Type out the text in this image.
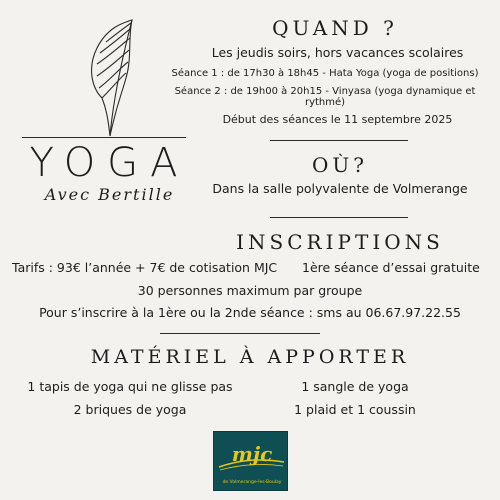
YOGA
Avec Bertille
QUAND ?
Les jeudis soirs, hors vacances scolaires
Séance 1 : de 17h30 à 18h45 - Hata Yoga (yoga de positions)
Séance 2 : de 19h00 à 20h15 - Vinyasa (yoga dynamique et rythmé)
Début des séances le 11 septembre 2025
OÙ?
Dans la salle polyvalente de Volmerange
INSCRIPTIONS
Tarifs : 93€ l’année + 7€ de cotisation MJC	1ère séance d’essai gratuite
30 personnes maximum par groupe
Pour s’inscrire à la 1ère ou la 2nde séance : sms au 06.67.97.22.55
MATÉRIEL À APPORTER
1 tapis de yoga qui ne glisse pas	1 sangle de yoga
2 briques de yoga	1 plaid et 1 coussin
mjc
de Volmerange-les-Boulay
